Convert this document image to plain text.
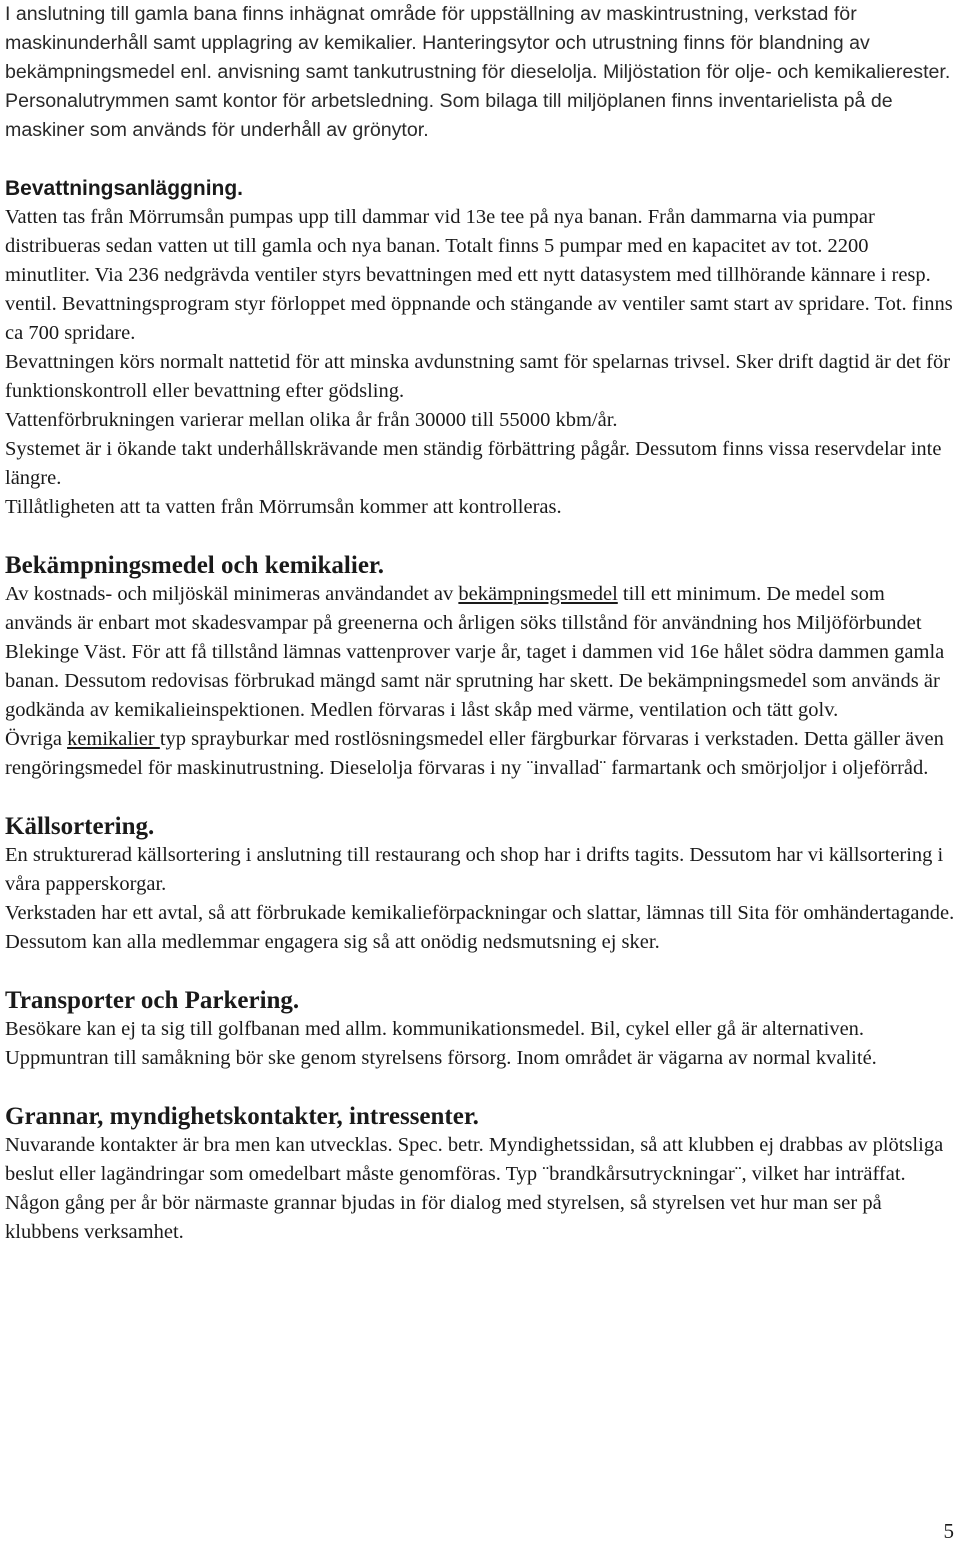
I anslutning till gamla bana finns inhägnat område för uppställning av maskintrustning, verkstad för maskinunderhåll samt upplagring av kemikalier. Hanteringsytor och utrustning finns för blandning av bekämpningsmedel enl. anvisning samt tankutrustning för dieselolja. Miljöstation för olje- och kemikalierester. Personalutrymmen samt kontor för arbetsledning. Som bilaga till miljöplanen finns inventarielista på de maskiner som används för underhåll av grönytor.

Bevattningsanläggning.

Vatten tas från Mörrumsån pumpas upp till dammar vid 13e tee på nya banan. Från dammarna via pumpar distribueras sedan vatten ut till gamla och nya banan. Totalt finns 5 pumpar med en kapacitet av tot. 2200 minutliter. Via 236 nedgrävda ventiler styrs bevattningen med ett nytt datasystem med tillhörande kännare i resp. ventil. Bevattningsprogram styr förloppet med öppnande och stängande av ventiler samt start av spridare. Tot. finns ca 700 spridare.

Bevattningen körs normalt nattetid för att minska avdunstning samt för spelarnas trivsel. Sker drift dagtid är det för funktionskontroll eller bevattning efter gödsling.

Vattenförbrukningen varierar mellan olika år från 30000 till 55000 kbm/år.

Systemet är i ökande takt underhållskrävande men ständig förbättring pågår. Dessutom finns vissa reservdelar inte längre.

Tillåtligheten att ta vatten från Mörrumsån kommer att kontrolleras.

Bekämpningsmedel och kemikalier.

Av kostnads- och miljöskäl minimeras användandet av bekämpningsmedel till ett minimum. De medel som används är enbart mot skadesvampar på greenerna och årligen söks tillstånd för användning hos Miljöförbundet Blekinge Väst. För att få tillstånd lämnas vattenprover varje år, taget i dammen vid 16e hålet södra dammen gamla banan. Dessutom redovisas förbrukad mängd samt när sprutning har skett. De bekämpningsmedel som används är godkända av kemikalieinspektionen. Medlen förvaras i låst skåp med värme, ventilation och tätt golv.

Övriga kemikalier typ sprayburkar med rostlösningsmedel eller färgburkar förvaras i verkstaden. Detta gäller även rengöringsmedel för maskinutrustning. Dieselolja förvaras i ny ¨invallad¨ farmartank och smörjoljor i oljeförråd.

Källsortering.

En strukturerad källsortering i anslutning till restaurang och shop har i drifts tagits. Dessutom har vi källsortering i våra papperskorgar.

Verkstaden har ett avtal, så att förbrukade kemikalieförpackningar och slattar, lämnas till Sita för omhändertagande. Dessutom kan alla medlemmar engagera sig så att onödig nedsmutsning ej sker.

Transporter och Parkering.

Besökare kan ej ta sig till golfbanan med allm. kommunikationsmedel. Bil, cykel eller gå är alternativen. Uppmuntran till samåkning bör ske genom styrelsens försorg. Inom området är vägarna av normal kvalité.

Grannar, myndighetskontakter, intressenter.

Nuvarande kontakter är bra men kan utvecklas. Spec. betr. Myndighetssidan, så att klubben ej drabbas av plötsliga beslut eller lagändringar som omedelbart måste genomföras. Typ ¨brandkårsutryckningar¨, vilket har inträffat. Någon gång per år bör närmaste grannar bjudas in för dialog med styrelsen, så styrelsen vet hur man ser på klubbens verksamhet.

5
